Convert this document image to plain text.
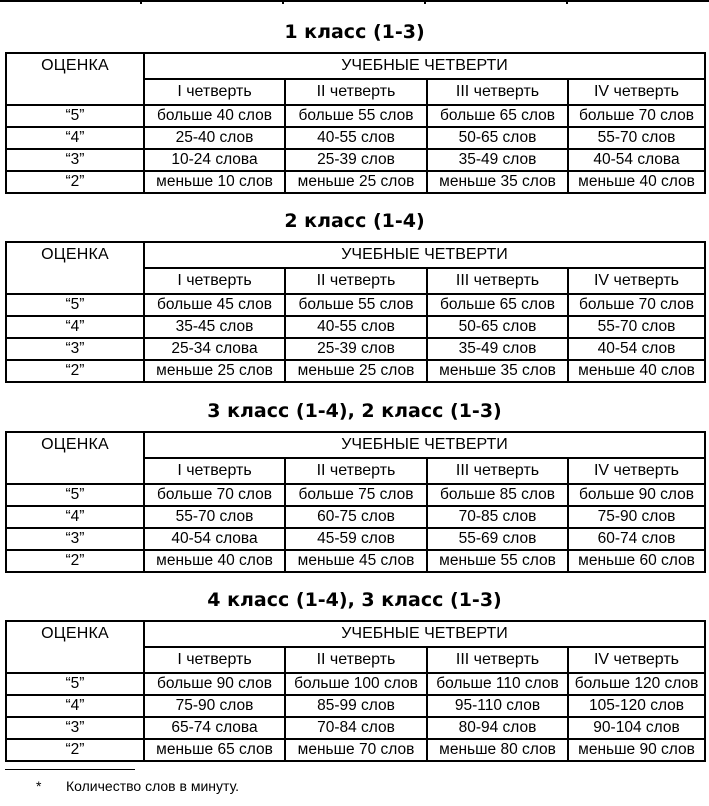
1 класс (1-3)
ОЦЕНКА	УЧЕБНЫЕ ЧЕТВЕРТИ			
	I четверть	II четверть	III четверть	IV четверть
“5”	больше 40 слов	больше 55 слов	больше 65 слов	больше 70 слов
“4”	25-40 слов	40-55 слов	50-65 слов	55-70 слов
“3”	10-24 слова	25-39 слов	35-49 слов	40-54 слова
“2”	меньше 10 слов	меньше 25 слов	меньше 35 слов	меньше 40 слов
2 класс (1-4)
ОЦЕНКА	УЧЕБНЫЕ ЧЕТВЕРТИ			
	I четверть	II четверть	III четверть	IV четверть
“5”	больше 45 слов	больше 55 слов	больше 65 слов	больше 70 слов
“4”	35-45 слов	40-55 слов	50-65 слов	55-70 слов
“3”	25-34 слова	25-39 слов	35-49 слов	40-54 слов
“2”	меньше 25 слов	меньше 25 слов	меньше 35 слов	меньше 40 слов
3 класс (1-4), 2 класс (1-3)
ОЦЕНКА	УЧЕБНЫЕ ЧЕТВЕРТИ			
	I четверть	II четверть	III четверть	IV четверть
“5”	больше 70 слов	больше 75 слов	больше 85 слов	больше 90 слов
“4”	55-70 слов	60-75 слов	70-85 слов	75-90 слов
“3”	40-54 слова	45-59 слов	55-69 слов	60-74 слов
“2”	меньше 40 слов	меньше 45 слов	меньше 55 слов	меньше 60 слов
4 класс (1-4), 3 класс (1-3)
ОЦЕНКА	УЧЕБНЫЕ ЧЕТВЕРТИ			
	I четверть	II четверть	III четверть	IV четверть
“5”	больше 90 слов	больше 100 слов	больше 110 слов	больше 120 слов
“4”	75-90 слов	85-99 слов	95-110 слов	105-120 слов
“3”	65-74 слова	70-84 слов	80-94 слов	90-104 слов
“2”	меньше 65 слов	меньше 70 слов	меньше 80 слов	меньше 90 слов
* Количество слов в минуту.
